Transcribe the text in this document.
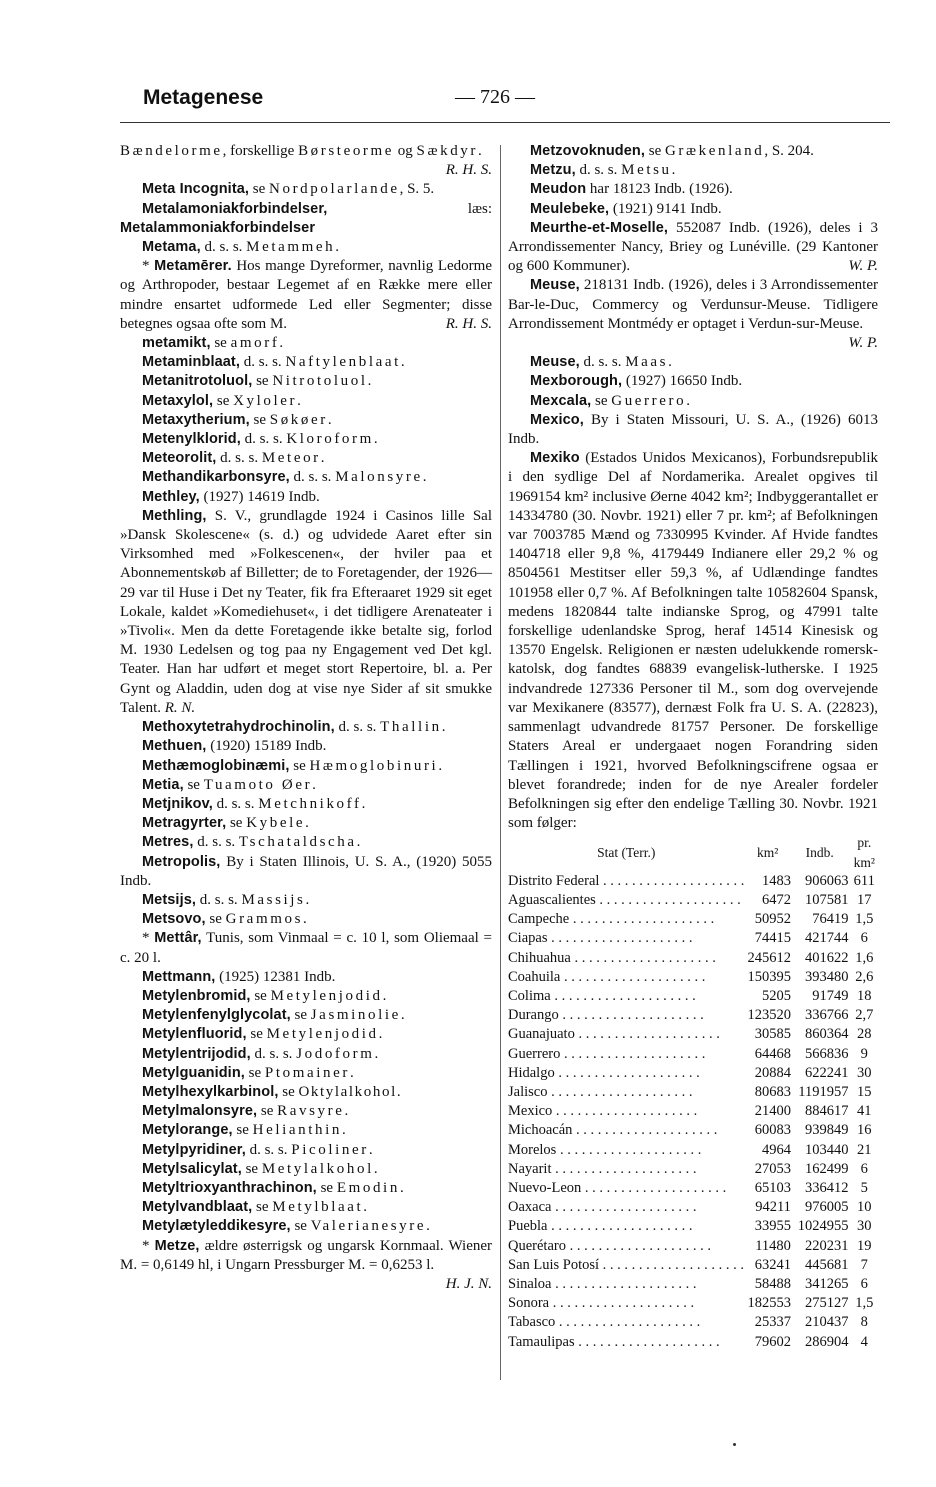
Metagenese	— 726 —

Bændelorme, forskellige Børsteorme og Sækdyr.
R. H. S.

Meta Incognita, se Nordpolarlande, S. 5.

Metalamoniakforbindelser, læs: Metalammoniakforbindelser

Metama, d. s. s. Metammeh.

* Metamērer. Hos mange Dyreformer, navnlig Ledorme og Arthropoder, bestaar Legemet af en Række mere eller mindre ensartet udformede Led eller Segmenter; disse betegnes ogsaa ofte som M.	R. H. S.

metamikt, se amorf.

Metaminblaat, d. s. s. Naftylenblaat.

Metanitrotoluol, se Nitrotoluol.

Metaxylol, se Xyloler.

Metaxytherium, se Søkøer.

Metenylklorid, d. s. s. Kloroform.

Meteorolit, d. s. s. Meteor.

Methandikarbonsyre, d. s. s. Malonsyre.

Methley, (1927) 14619 Indb.

Methling, S. V., grundlagde 1924 i Casinos lille Sal »Dansk Skolescene« (s. d.) og udvidede Aaret efter sin Virksomhed med »Folkescenen«, der hviler paa et Abonnementskøb af Billetter; de to Foretagender, der 1926—29 var til Huse i Det ny Teater, fik fra Efteraaret 1929 sit eget Lokale, kaldet »Komediehuset«, i det tidligere Arenateater i »Tivoli«. Men da dette Foretagende ikke betalte sig, forlod M. 1930 Ledelsen og tog paa ny Engagement ved Det kgl. Teater. Han har udført et meget stort Repertoire, bl. a. Per Gynt og Aladdin, uden dog at vise nye Sider af sit smukke Talent. R. N.

Methoxytetrahydrochinolin, d. s. s. Thallin.

Methuen, (1920) 15189 Indb.

Methæmoglobinæmi, se Hæmoglobinuri.

Metia, se Tuamoto Øer.

Metjnikov, d. s. s. Metchnikoff.

Metragyrter, se Kybele.

Metres, d. s. s. Tschataldscha.

Metropolis, By i Staten Illinois, U. S. A., (1920) 5055 Indb.

Metsijs, d. s. s. Massijs.

Metsovo, se Grammos.

* Mettâr, Tunis, som Vinmaal = c. 10 l, som Oliemaal = c. 20 l.

Mettmann, (1925) 12381 Indb.

Metylenbromid, se Metylenjodid.

Metylenfenylglycolat, se Jasminolie.

Metylenfluorid, se Metylenjodid.

Metylentrijodid, d. s. s. Jodoform.

Metylguanidin, se Ptomainer.

Metylhexylkarbinol, se Oktylalkohol.

Metylmalonsyre, se Ravsyre.

Metylorange, se Helianthin.

Metylpyridiner, d. s. s. Picoliner.

Metylsalicylat, se Metylalkohol.

Metyltrioxyanthrachinon, se Emodin.

Metylvandblaat, se Metylblaat.

Metylætyleddikesyre, se Valerianesyre.

* Metze, ældre østerrigsk og ungarsk Kornmaal. Wiener M. = 0,6149 hl, i Ungarn Pressburger M. = 0,6253 l.
H. J. N.

Metzovoknuden, se Grækenland, S. 204.

Metzu, d. s. s. Metsu.

Meudon har 18123 Indb. (1926).

Meulebeke, (1921) 9141 Indb.

Meurthe-et-Moselle, 552087 Indb. (1926), deles i 3 Arrondissementer Nancy, Briey og Lunéville. (29 Kantoner og 600 Kommuner).	W. P.

Meuse, 218131 Indb. (1926), deles i 3 Arrondissementer Bar-le-Duc, Commercy og Verdunsur-Meuse. Tidligere Arrondissement Montmédy er optaget i Verdun-sur-Meuse.
W. P.

Meuse, d. s. s. Maas.

Mexborough, (1927) 16650 Indb.

Mexcala, se Guerrero.

Mexico, By i Staten Missouri, U. S. A., (1926) 6013 Indb.

Mexiko (Estados Unidos Mexicanos), Forbundsrepublik i den sydlige Del af Nordamerika. Arealet opgives til 1969154 km² inclusive Øerne 4042 km²; Indbyggerantallet er 14334780 (30. Novbr. 1921) eller 7 pr. km²; af Befolkningen var 7003785 Mænd og 7330995 Kvinder. Af Hvide fandtes 1404718 eller 9,8 %, 4179449 Indianere eller 29,2 % og 8504561 Mestitser eller 59,3 %, af Udlændinge fandtes 101958 eller 0,7 %. Af Befolkningen talte 10582604 Spansk, medens 1820844 talte indianske Sprog, og 47991 talte forskellige udenlandske Sprog, heraf 14514 Kinesisk og 13570 Engelsk. Religionen er næsten udelukkende romersk-katolsk, dog fandtes 68839 evangelisk-lutherske. I 1925 indvandrede 127336 Personer til M., som dog overvejende var Mexikanere (83577), dernæst Folk fra U. S. A. (22823), sammenlagt udvandrede 81757 Personer. De forskellige Staters Areal er undergaaet nogen Forandring siden Tællingen i 1921, hvorved Befolkningscifrene ogsaa er blevet forandrede; inden for de nye Arealer fordeler Befolkningen sig efter den endelige Tælling 30. Novbr. 1921 som følger:

Stat (Terr.)	km²	Indb.	pr. km²
Distrito Federal . . . . . . . . . . . . . . . . . . . .	1483	906063	611
Aguascalientes . . . . . . . . . . . . . . . . . . . .	6472	107581	17
Campeche . . . . . . . . . . . . . . . . . . . .	50952	76419	1,5
Ciapas . . . . . . . . . . . . . . . . . . . .	74415	421744	6
Chihuahua . . . . . . . . . . . . . . . . . . . .	245612	401622	1,6
Coahuila . . . . . . . . . . . . . . . . . . . .	150395	393480	2,6
Colima . . . . . . . . . . . . . . . . . . . .	5205	91749	18
Durango . . . . . . . . . . . . . . . . . . . .	123520	336766	2,7
Guanajuato . . . . . . . . . . . . . . . . . . . .	30585	860364	28
Guerrero . . . . . . . . . . . . . . . . . . . .	64468	566836	9
Hidalgo . . . . . . . . . . . . . . . . . . . .	20884	622241	30
Jalisco . . . . . . . . . . . . . . . . . . . .	80683	1191957	15
Mexico . . . . . . . . . . . . . . . . . . . .	21400	884617	41
Michoacán . . . . . . . . . . . . . . . . . . . .	60083	939849	16
Morelos . . . . . . . . . . . . . . . . . . . .	4964	103440	21
Nayarit . . . . . . . . . . . . . . . . . . . .	27053	162499	6
Nuevo-Leon . . . . . . . . . . . . . . . . . . . .	65103	336412	5
Oaxaca . . . . . . . . . . . . . . . . . . . .	94211	976005	10
Puebla . . . . . . . . . . . . . . . . . . . .	33955	1024955	30
Querétaro . . . . . . . . . . . . . . . . . . . .	11480	220231	19
San Luis Potosí . . . . . . . . . . . . . . . . . . . .	63241	445681	7
Sinaloa . . . . . . . . . . . . . . . . . . . .	58488	341265	6
Sonora . . . . . . . . . . . . . . . . . . . .	182553	275127	1,5
Tabasco . . . . . . . . . . . . . . . . . . . .	25337	210437	8
Tamaulipas . . . . . . . . . . . . . . . . . . . .	79602	286904	4
